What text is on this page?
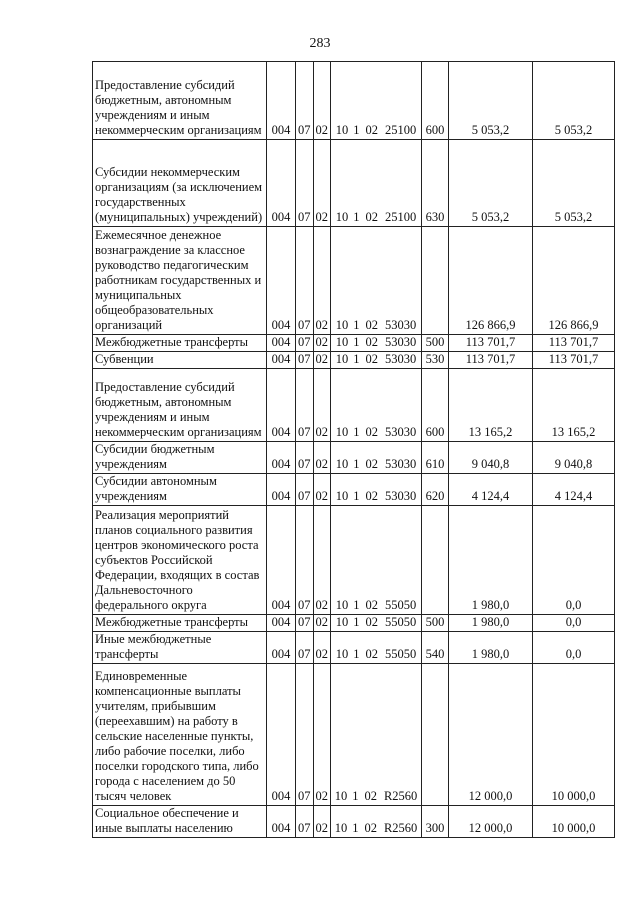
283
Предоставление субсидий бюджетным, автономным учреждениям и иным некоммерческим организациям	004	07	02	10 1 02 25100	600	5 053,2	5 053,2
Субсидии некоммерческим организациям (за исключением государственных (муниципальных) учреждений)	004	07	02	10 1 02 25100	630	5 053,2	5 053,2
Ежемесячное денежное вознаграждение за классное руководство педагогическим работникам государственных и муниципальных общеобразовательных организаций	004	07	02	10 1 02 53030		126 866,9	126 866,9
Межбюджетные трансферты	004	07	02	10 1 02 53030	500	113 701,7	113 701,7
Субвенции	004	07	02	10 1 02 53030	530	113 701,7	113 701,7
Предоставление субсидий бюджетным, автономным учреждениям и иным некоммерческим организациям	004	07	02	10 1 02 53030	600	13 165,2	13 165,2
Субсидии бюджетным учреждениям	004	07	02	10 1 02 53030	610	9 040,8	9 040,8
Субсидии автономным учреждениям	004	07	02	10 1 02 53030	620	4 124,4	4 124,4
Реализация мероприятий планов социального развития центров экономического роста субъектов Российской Федерации, входящих в состав Дальневосточного федерального округа	004	07	02	10 1 02 55050		1 980,0	0,0
Межбюджетные трансферты	004	07	02	10 1 02 55050	500	1 980,0	0,0
Иные межбюджетные трансферты	004	07	02	10 1 02 55050	540	1 980,0	0,0
Единовременные компенсационные выплаты учителям, прибывшим (переехавшим) на работу в сельские населенные пункты, либо рабочие поселки, либо поселки городского типа, либо города с населением до 50 тысяч человек	004	07	02	10 1 02 R2560		12 000,0	10 000,0
Социальное обеспечение и иные выплаты населению	004	07	02	10 1 02 R2560	300	12 000,0	10 000,0
